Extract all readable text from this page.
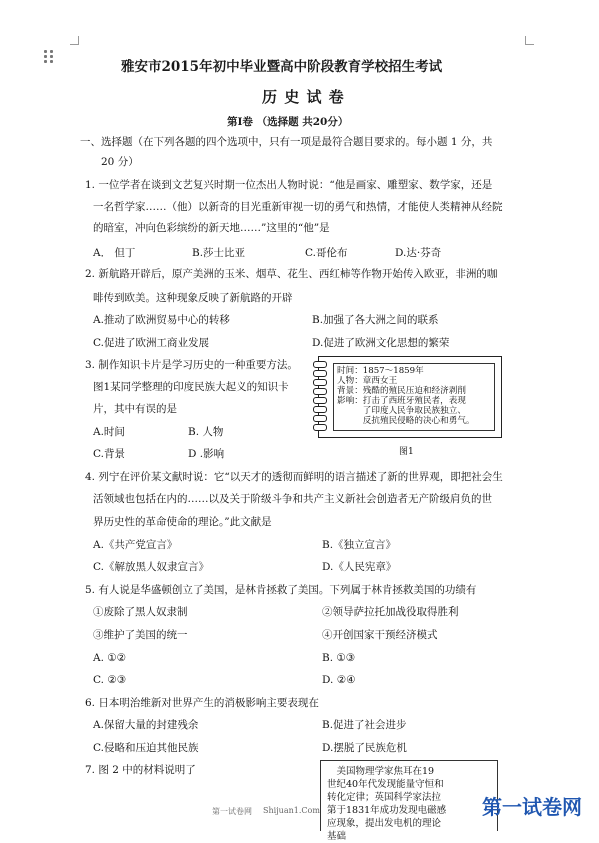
雅安市2015年初中毕业暨高中阶段教育学校招生考试
历 史 试 卷
第Ⅰ卷 （选择题 共20分）
一、选择题（在下列各题的四个选项中，只有一项是最符合题目要求的。每小题 1 分，共
20 分）
1. 一位学者在谈到文艺复兴时期一位杰出人物时说：“他是画家、雕塑家、数学家，还是
一名哲学家……（他）以新奇的目光重新审视一切的勇气和热情，才能使人类精神从经院
的暗室，冲向色彩缤纷的新天地……”这里的“他”是
A． 但丁	B.莎士比亚	C.哥伦布	D.达·芬奇
2. 新航路开辟后，原产美洲的玉米、烟草、花生、西红柿等作物开始传入欧亚，非洲的咖
啡传到欧美。这种现象反映了新航路的开辟
A.推动了欧洲贸易中心的转移	B.加强了各大洲之间的联系
C.促进了欧洲工商业发展	D.促进了欧洲文化思想的繁荣
3. 制作知识卡片是学习历史的一种重要方法。
图1某同学整理的印度民族大起义的知识卡
片，其中有误的是
A.时间	B. 人物
C.背景	D .影响
时间：1857～1859年
人物：章西女王
背景：残酷的殖民压迫和经济剥削
影响：打击了西班牙殖民者，表现
　　　了印度人民争取民族独立、
　　　反抗殖民侵略的决心和勇气。
图1
4. 列宁在评价某文献时说：它“以天才的透彻而鲜明的语言描述了新的世界观，即把社会生
活领域也包括在内的……以及关于阶级斗争和共产主义新社会创造者无产阶级肩负的世
界历史性的革命使命的理论。”此文献是
A.《共产党宣言》	B.《独立宣言》
C.《解放黑人奴隶宣言》	D.《人民宪章》
5. 有人说是华盛顿创立了美国，是林肯拯救了美国。下列属于林肯拯救美国的功绩有
①废除了黑人奴隶制	②领导萨拉托加战役取得胜利
③维护了美国的统一	④开创国家干预经济模式
A. ①②	B. ①③
C. ②③	D. ②④
6. 日本明治维新对世界产生的消极影响主要表现在
A.保留大量的封建残余	B.促进了社会进步
C.侵略和压迫其他民族	D.摆脱了民族危机
7. 图 2 中的材料说明了	　美国物理学家焦耳在19
世纪40年代发现能量守恒和
转化定律；英国科学家法拉
第于1831年成功发现电磁感
应现象，提出发电机的理论
基础
第一试卷网 Shijuan1.Com	第一试卷网
